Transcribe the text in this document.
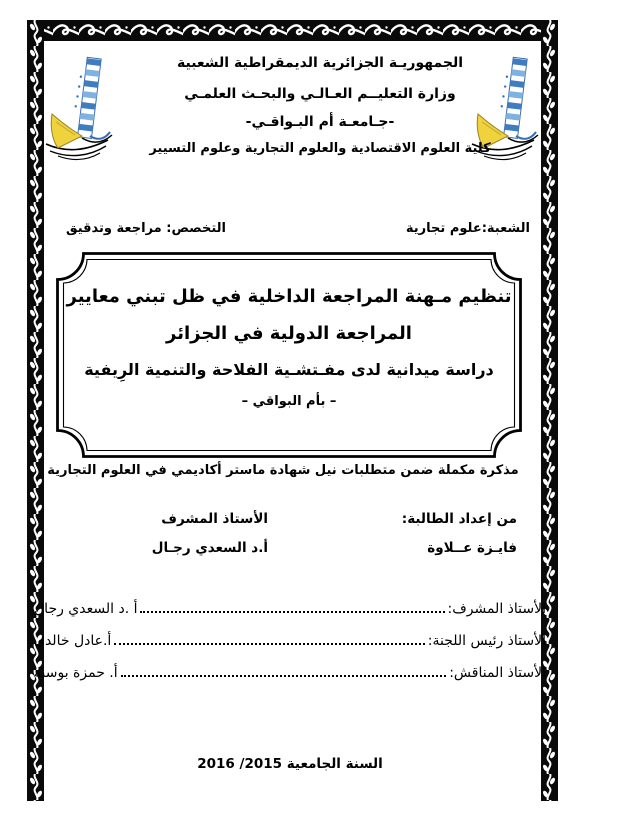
الجمهوريـة الجزائرية الديمقراطية الشعبية
وزارة التعليــم العـالـي والبحـث العلمـي
-جـامعـة أم البـواقـي-
كلية العلوم الاقتصادية والعلوم التجارية وعلوم التسيير
الشعبة:علوم تجارية
التخصص: مراجعة وتدقيق
تنظيم مـهنة المراجعة الداخلية في ظل تبني معايير
المراجعة الدولية في الجزائر
دراسة ميدانية لدى مفـتشـية الفلاحة والتنمية الرِيفية
– بأم البواقي –
مذكرة مكملة ضمن متطلبات نيل شهادة ماستر أكاديمي في العلوم التجارية
من إعداد الطالبة:
فايـزة عــلاوة
الأستاذ المشرف
أ.د السعدي رجـال
الأستاذ المشرف:
أ .د السعدي رجال
الأستاذ رئيس اللجنة:
أ.عادل خالدي
الأستاذ المناقش:
أ. حمزة بوسنة
السنة الجامعية 2015/ 2016
